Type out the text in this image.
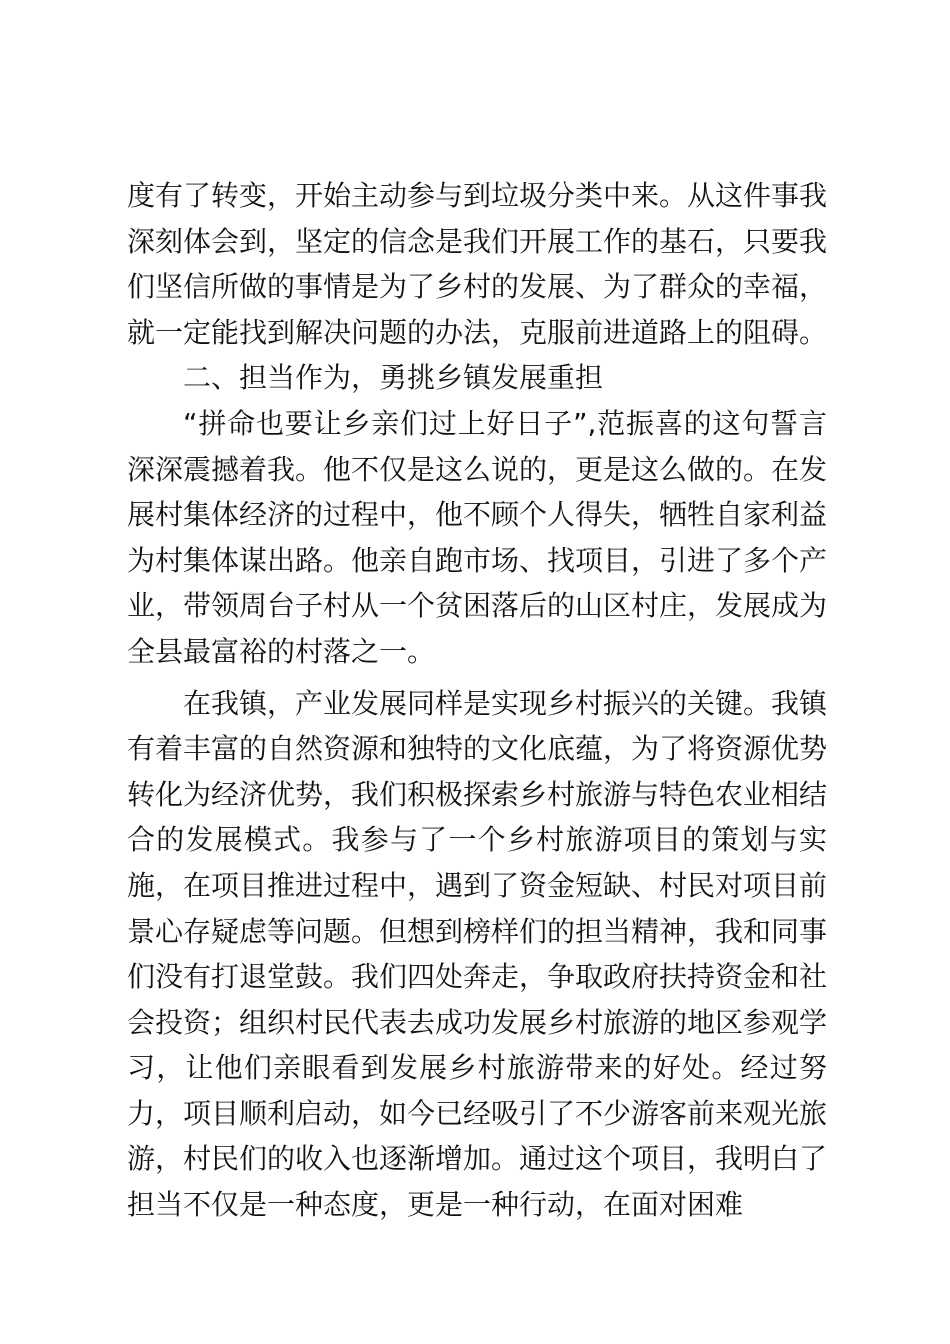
度有了转变，开始主动参与到垃圾分类中来。从这件事我深刻体会到，坚定的信念是我们开展工作的基石，只要我们坚信所做的事情是为了乡村的发展、为了群众的幸福，就一定能找到解决问题的办法，克服前进道路上的阻碍。

二、担当作为，勇挑乡镇发展重担

“拼命也要让乡亲们过上好日子”,范振喜的这句誓言深深震撼着我。他不仅是这么说的，更是这么做的。在发展村集体经济的过程中，他不顾个人得失，牺牲自家利益为村集体谋出路。他亲自跑市场、找项目，引进了多个产业，带领周台子村从一个贫困落后的山区村庄，发展成为全县最富裕的村落之一。

在我镇，产业发展同样是实现乡村振兴的关键。我镇有着丰富的自然资源和独特的文化底蕴，为了将资源优势转化为经济优势，我们积极探索乡村旅游与特色农业相结合的发展模式。我参与了一个乡村旅游项目的策划与实施，在项目推进过程中，遇到了资金短缺、村民对项目前景心存疑虑等问题。但想到榜样们的担当精神，我和同事们没有打退堂鼓。我们四处奔走，争取政府扶持资金和社会投资；组织村民代表去成功发展乡村旅游的地区参观学习，让他们亲眼看到发展乡村旅游带来的好处。经过努力，项目顺利启动，如今已经吸引了不少游客前来观光旅游，村民们的收入也逐渐增加。通过这个项目，我明白了担当不仅是一种态度，更是一种行动，在面对困难
